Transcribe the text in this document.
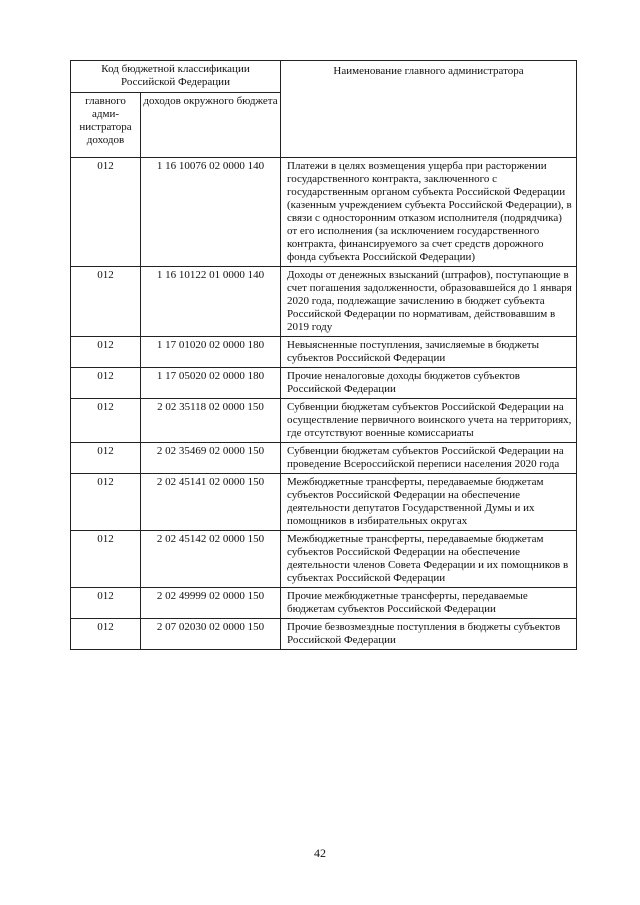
Код бюджетной классификации Российской Федерации		Наименование главного администратора
главного адми-нистратора доходов	доходов окружного бюджета	
012	1 16 10076 02 0000 140	Платежи в целях возмещения ущерба при расторжении государственного контракта, заключенного с государственным органом субъекта Российской Федерации (казенным учреждением субъекта Российской Федерации), в связи с односторонним отказом исполнителя (подрядчика) от его исполнения (за исключением государственного контракта, финансируемого за счет средств дорожного фонда субъекта Российской Федерации)
012	1 16 10122 01 0000 140	Доходы от денежных взысканий (штрафов), поступающие в счет погашения задолженности, образовавшейся до 1 января 2020 года, подлежащие зачислению в бюджет субъекта Российской Федерации по нормативам, действовавшим в 2019 году
012	1 17 01020 02 0000 180	Невыясненные поступления, зачисляемые в бюджеты субъектов Российской Федерации
012	1 17 05020 02 0000 180	Прочие неналоговые доходы бюджетов субъектов Российской Федерации
012	2 02 35118 02 0000 150	Субвенции бюджетам субъектов Российской Федерации на осуществление первичного воинского учета на территориях, где отсутствуют военные комиссариаты
012	2 02 35469 02 0000 150	Субвенции бюджетам субъектов Российской Федерации на проведение Всероссийской переписи населения 2020 года
012	2 02 45141 02 0000 150	Межбюджетные трансферты, передаваемые бюджетам субъектов Российской Федерации на обеспечение деятельности депутатов Государственной Думы и их помощников в избирательных округах
012	2 02 45142 02 0000 150	Межбюджетные трансферты, передаваемые бюджетам субъектов Российской Федерации на обеспечение деятельности членов Совета Федерации и их помощников в субъектах Российской Федерации
012	2 02 49999 02 0000 150	Прочие межбюджетные трансферты, передаваемые бюджетам субъектов Российской Федерации
012	2 07 02030 02 0000 150	Прочие безвозмездные поступления в бюджеты субъектов Российской Федерации
42
